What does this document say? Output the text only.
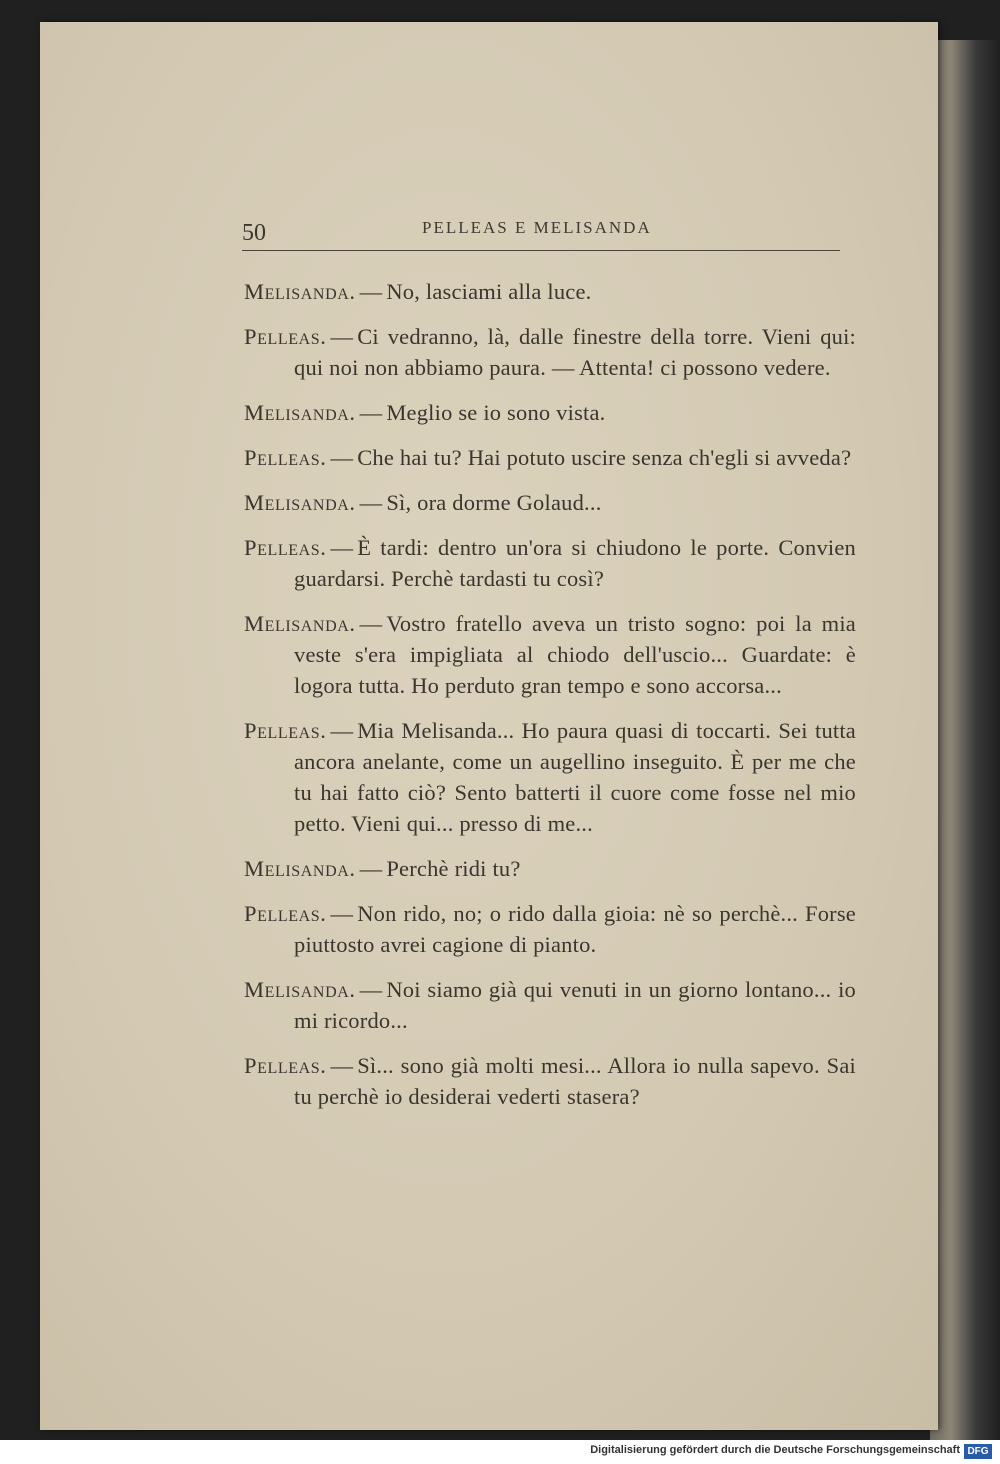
50	PELLEAS E MELISANDA

Melisanda. — No, lasciami alla luce.

Pelleas. — Ci vedranno, là, dalle finestre della torre. Vieni qui: qui noi non abbiamo paura. — Attenta! ci possono vedere.

Melisanda. — Meglio se io sono vista.

Pelleas. — Che hai tu? Hai potuto uscire senza ch'egli si avveda?

Melisanda. — Sì, ora dorme Golaud...

Pelleas. — È tardi: dentro un'ora si chiudono le porte. Convien guardarsi. Perchè tardasti tu così?

Melisanda. — Vostro fratello aveva un tristo sogno: poi la mia veste s'era impigliata al chiodo dell'uscio... Guardate: è logora tutta. Ho perduto gran tempo e sono accorsa...

Pelleas. — Mia Melisanda... Ho paura quasi di toccarti. Sei tutta ancora anelante, come un augellino inseguito. È per me che tu hai fatto ciò? Sento batterti il cuore come fosse nel mio petto. Vieni qui... presso di me...

Melisanda. — Perchè ridi tu?

Pelleas. — Non rido, no; o rido dalla gioia: nè so perchè... Forse piuttosto avrei cagione di pianto.

Melisanda. — Noi siamo già qui venuti in un giorno lontano... io mi ricordo...

Pelleas. — Sì... sono già molti mesi... Allora io nulla sapevo. Sai tu perchè io desiderai vederti stasera?

Digitalisierung gefördert durch die Deutsche Forschungsgemeinschaft DFG
